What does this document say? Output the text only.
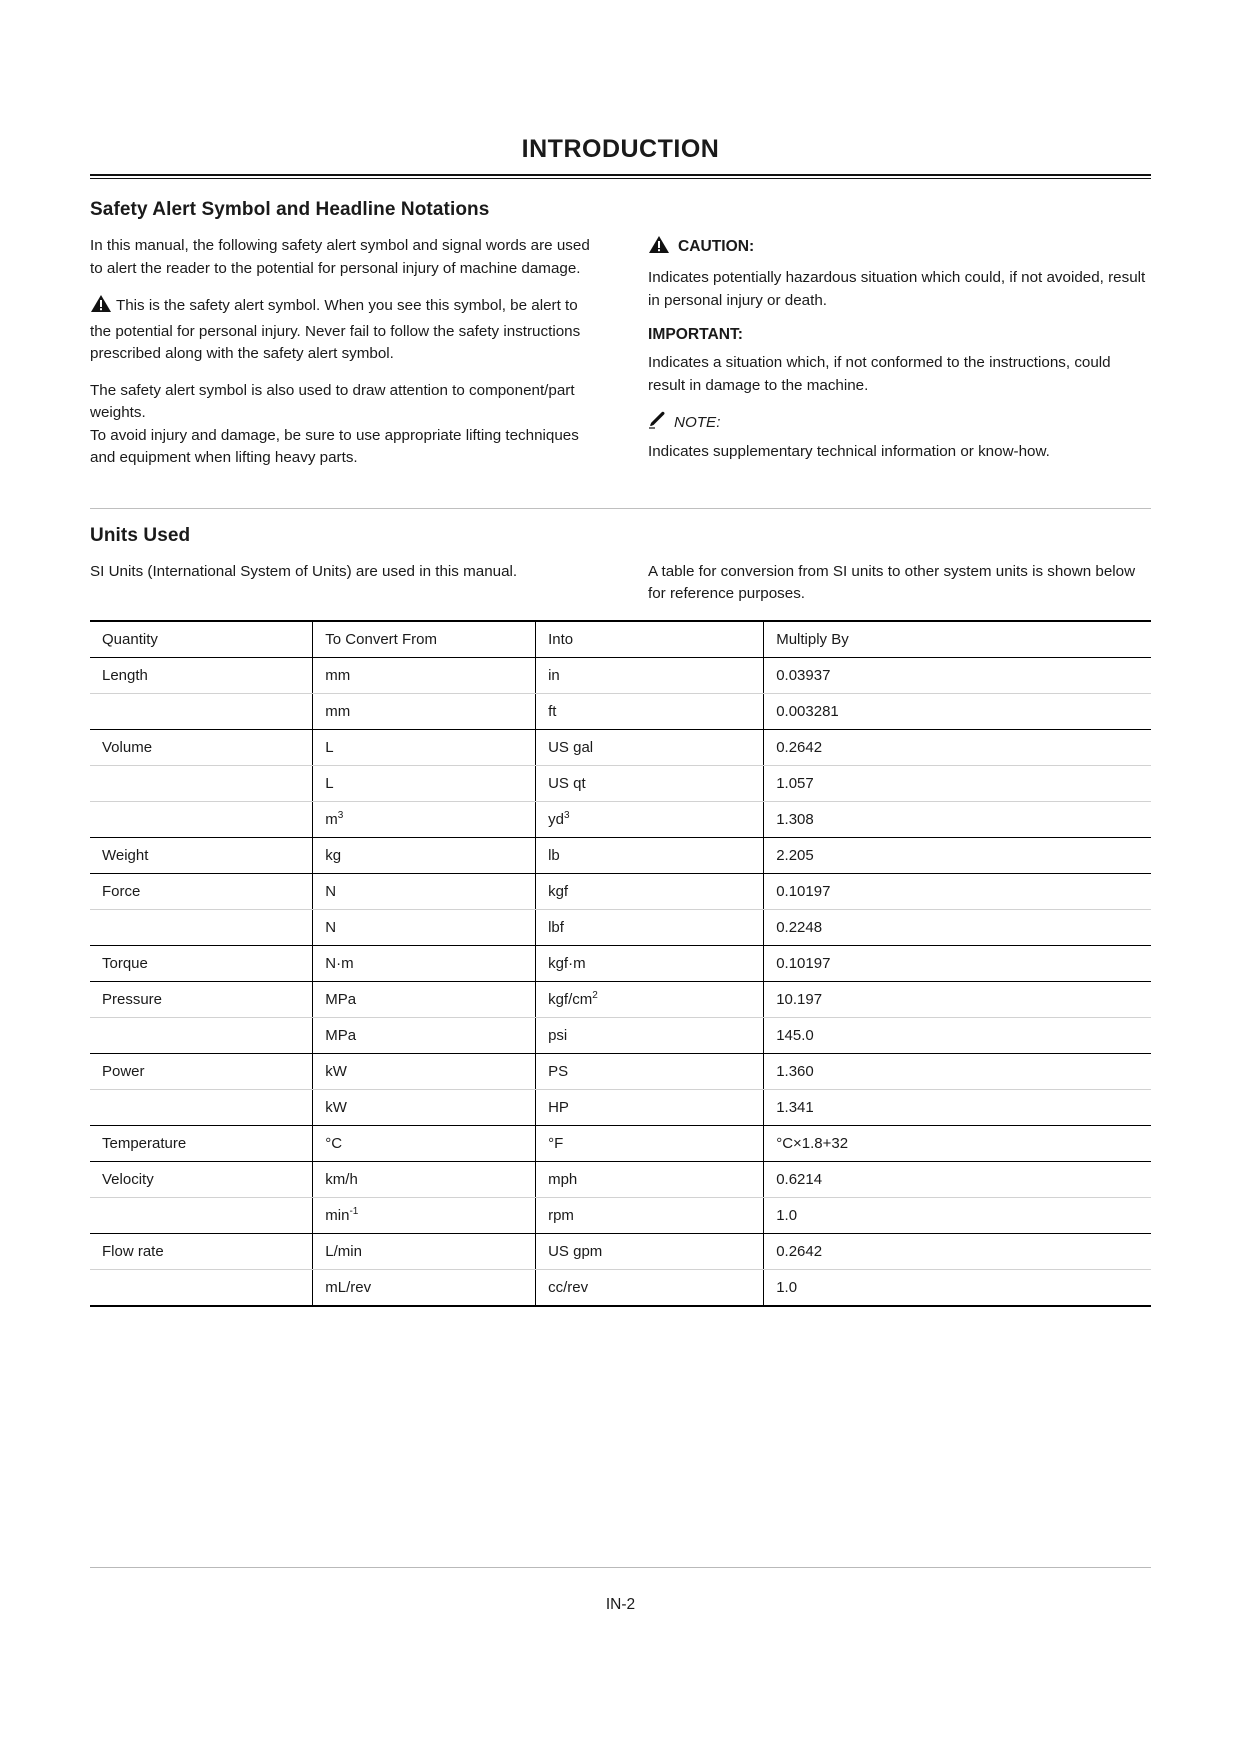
INTRODUCTION
Safety Alert Symbol and Headline Notations

In this manual, the following safety alert symbol and signal words are used to alert the reader to the potential for personal injury of machine damage.

This is the safety alert symbol. When you see this symbol, be alert to the potential for personal injury. Never fail to follow the safety instructions prescribed along with the safety alert symbol.

The safety alert symbol is also used to draw attention to component/part weights.

To avoid injury and damage, be sure to use appropriate lifting techniques and equipment when lifting heavy parts.

CAUTION:

Indicates potentially hazardous situation which could, if not avoided, result in personal injury or death.

IMPORTANT:

Indicates a situation which, if not conformed to the instructions, could result in damage to the machine.

NOTE:

Indicates supplementary technical information or know-how.

Units Used

SI Units (International System of Units) are used in this manual.	A table for conversion from SI units to other system units is shown below for reference purposes.

Quantity	To Convert From	Into	Multiply By
Length	mm	in	0.03937
	mm	ft	0.003281
Volume	L	US gal	0.2642
	L	US qt	1.057
	$m^3$	$yd^3$	1.308
Weight	kg	lb	2.205
Force	N	kgf	0.10197
	N	lbf	0.2248
Torque	N·m	kgf·m	0.10197
Pressure	MPa	kgf/$cm^2$	10.197
	MPa	psi	145.0
Power	kW	PS	1.360
	kW	HP	1.341
Temperature	°C	°F	°C×1.8+32
Velocity	km/h	mph	0.6214
	$\min^{-1}$	rpm	1.0
Flow rate	L/min	US gpm	0.2642
	mL/rev	cc/rev	1.0
IN-2
